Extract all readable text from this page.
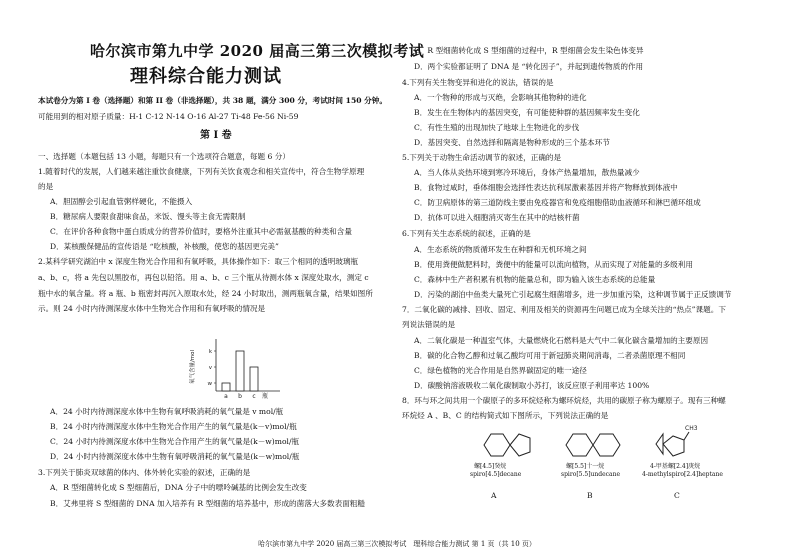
哈尔滨市第九中学 2020 届高三第三次模拟考试
理科综合能力测试
本试卷分为第 I 卷（选择题）和第 II 卷（非选择题），共 38 题，满分 300 分，考试时间 150 分钟。
可能用到的相对原子质量：H-1 C-12 N-14 O-16 Al-27 Ti-48 Fe-56 Ni-59
第 I 卷
一、选择题（本题包括 13 小题，每题只有一个选项符合题意，每题 6 分）
1.随着时代的发展，人们越来越注重饮食健康，下列有关饮食观念和相关宣传中，符合生物学原理
的是
A．胆固醇会引起血管粥样硬化，不能摄入
B．糖尿病人要限食甜味食品，米饭、馒头等主食无需限制
C．在评价各种食物中蛋白质成分的营养价值时，要格外注重其中必需氨基酸的种类和含量
D．某核酸保健品的宣传语是 “吃核酸，补核酸，使您的基因更完美”
2.某科学研究湖泊中 x 深度生物光合作用和有氧呼吸，具体操作如下：取三个相同的透明玻璃瓶
a、b、c，将 a 先包以黑胶布，再包以铅箔。用 a、b、c 三个瓶从待测水体 x 深度处取水，测定 c
瓶中水的氧含量。将 a 瓶、b 瓶密封再沉入原取水处，经 24 小时取出，测两瓶氧含量，结果如图所
示。则 24 小时内待测深度水体中生物光合作用和有氧呼吸的情况是
氧气含量/mol
a
w
b
k
c
v
瓶
A．24 小时内待测深度水体中生物有氧呼吸消耗的氧气量是 v mol/瓶
B．24 小时内待测深度水体中生物光合作用产生的氧气量是(k－v)mol/瓶
C．24 小时内待测深度水体中生物光合作用产生的氧气量是(k－w)mol/瓶
D．24 小时内待测深度水体中生物有氧呼吸消耗的氧气量是(k－w)mol/瓶
3.下列关于肺炎双球菌的体内、体外转化实验的叙述，正确的是
A．R 型细菌转化成 S 型细菌后，DNA 分子中的嘌呤碱基的比例会发生改变
B．艾弗里将 S 型细菌的 DNA 加入培养有 R 型细菌的培养基中，形成的菌落大多数表面粗糙
C．R 型细菌转化成 S 型细菌的过程中，R 型细菌会发生染色体变异
D．两个实验都证明了 DNA 是 “转化因子”，并起到遗传物质的作用
4.下列有关生物变异和进化的说法，错误的是
A．一个物种的形成与灭绝，会影响其他物种的进化
B．发生在生物体内的基因突变，有可能使种群的基因频率发生变化
C．有性生殖的出现加快了地球上生物进化的步伐
D．基因突变、自然选择和隔离是物种形成的三个基本环节
5.下列关于动物生命活动调节的叙述，正确的是
A．当人体从炎热环境到寒冷环境后，身体产热量增加，散热量减少
B．食物过咸时，垂体细胞会选择性表达抗利尿激素基因并将产物释放到体液中
C．防卫病原体的第三道防线主要由免疫器官和免疫细胞借助血液循环和淋巴循环组成
D．抗体可以进入细胞消灭寄生在其中的结核杆菌
6.下列有关生态系统的叙述，正确的是
A．生态系统的物质循环发生在种群和无机环境之间
B．使用粪便做肥料时，粪便中的能量可以流向植物，从而实现了对能量的多级利用
C．森林中生产者积累有机物的能量总和，即为输入该生态系统的总能量
D．污染的湖泊中鱼类大量死亡引起腐生细菌增多，进一步加重污染，这种调节属于正反馈调节
7．二氧化碳的减排、回收、固定、利用及相关的资源再生问题已成为全球关注的“热点”课题。下
列说法错误的是
A．二氧化碳是一种温室气体，大量燃烧化石燃料是大气中二氧化碳含量增加的主要原因
B．碳的化合物乙醇和过氧乙酸均可用于新冠肺炎期间消毒，二者杀菌原理不相同
C．绿色植物的光合作用是自然界碳固定的唯一途径
D．碳酸钠溶液吸收二氧化碳制取小苏打，该反应原子利用率达 100%
8．环与环之间共用一个碳原子的多环烷烃称为螺环烷烃，共用的碳原子称为螺原子。现有三种螺
环烷烃 A 、B、C 的结构简式如下图所示，下列说法正确的是
螺[4.5]癸烷
spiro[4.5]decane
A
螺[5.5]十一烷
spiro[5.5]undecane
B
CH3
4-甲基螺[2.4]庚烷
4-methylspiro[2.4]heptane
C
哈尔滨市第九中学 2020 届高三第三次模拟考试　理科综合能力测试 第 1 页（共 10 页）
